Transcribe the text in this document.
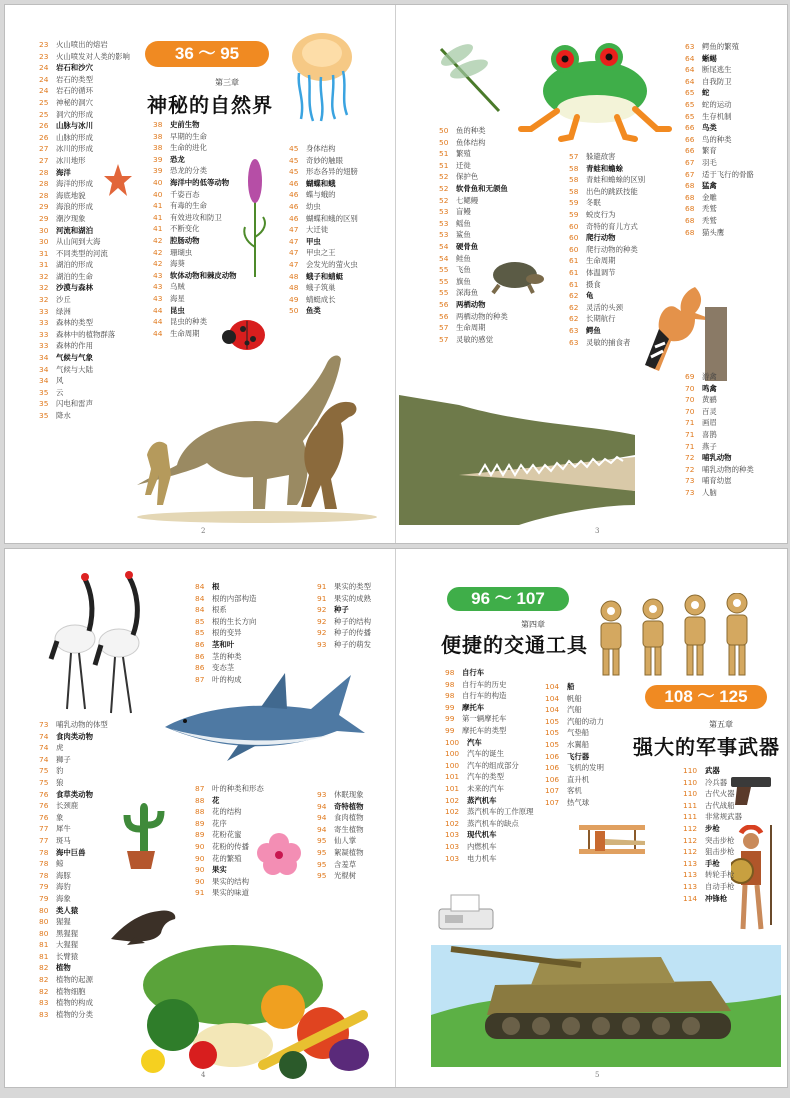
36 ～ 95
第三章
神秘的自然界
23	火山喷出的熔岩
23	火山喷发对人类的影响
24	岩石和沙穴
24	岩石的类型
24	岩石的循环
25	神秘的洞穴
25	洞穴的形成
26	山脉与冰川
26	山脉的形成
27	冰川的形成
27	冰川地形
28	海洋
28	海洋的形成
28	海底地貌
29	海浪的形成
29	潮汐现象
30	河流和湖泊
30	从山间到大海
31	不同类型的河流
31	湖泊的形成
32	湖泊的生命
32	沙漠与森林
32	沙丘
33	绿洲
33	森林的类型
33	森林中的植物群落
33	森林的作用
34	气候与气象
34	气候与大陆
34	风
35	云
35	闪电和雷声
35	降水
38	史前生物
38	早期的生命
38	生命的进化
39	恐龙
39	恐龙的分类
40	海洋中的低等动物
40	千姿百态
41	有毒的生命
41	有效进攻和防卫
41	不断变化
42	腔肠动物
42	珊瑚虫
42	海葵
43	软体动物和棘皮动物
43	乌贼
43	海星
44	昆虫
44	昆虫的种类
44	生命周期
45	身体结构
45	奇妙的触眼
45	形态各异的翅膀
46	蝴蝶和蛾
46	蝶与蛾的
46	幼虫
46	蝴蝶和蛾的区别
47	大迁徙
47	甲虫
47	甲虫之王
47	会发光的萤火虫
48	蛾子和蜻蜓
48	蛾子筑巢
49	蜻蜓成长
50	鱼类
50	鱼的种类
50	鱼体结构
51	繁殖
51	迁徙
52	保护色
52	软骨鱼和无颌鱼
52	七鳃鳗
53	盲鳗
53	鳐鱼
53	鲨鱼
54	硬骨鱼
54	鲑鱼
55	飞鱼
55	旗鱼
55	深海鱼
56	两栖动物
56	两栖动物的种类
57	生命周期
57	灵敏的感觉
57	躲避敌害
58	青蛙和蟾蜍
58	青蛙和蟾蜍的区别
58	出色的跳跃技能
59	冬眠
59	蜕皮行为
60	奇特的育儿方式
60	爬行动物
60	爬行动物的种类
61	生命周期
61	体温调节
61	摄食
62	龟
62	灵活的头颈
62	长期航行
63	鳄鱼
63	灵敏的捕食者
63	鳄鱼的繁殖
64	蜥蜴
64	断尾逃生
64	自我防卫
65	蛇
65	蛇的运动
65	生存机制
66	鸟类
66	鸟的种类
66	繁育
67	羽毛
67	适于飞行的骨骼
68	猛禽
68	金雕
68	秃鹫
68	秃鹫
68	猫头鹰
69	游禽
70	鸣禽
70	黄鹂
70	百灵
71	画眉
71	喜鹊
71	燕子
72	哺乳动物
72	哺乳动物的种类
73	哺育幼崽
73	人脑
2	3
96 ～ 107
第四章
便捷的交通工具
108 ～ 125
第五章
强大的军事武器
73	哺乳动物的体型
74	食肉类动物
74	虎
74	狮子
75	豹
75	狼
76	食草类动物
76	长颈鹿
76	象
77	犀牛
77	斑马
78	海中巨兽
78	鲸
78	海豚
79	海豹
79	海象
80	类人猿
80	猩猩
80	黑猩猩
81	大猩猩
81	长臂猿
82	植物
82	植物的起源
82	植物细胞
83	植物的构成
83	植物的分类
84	根
84	根的内部构造
84	根系
85	根的生长方向
85	根的变异
86	茎和叶
86	茎的种类
86	变态茎
87	叶的构成
91	果实的类型
91	果实的成熟
92	种子
92	种子的结构
92	种子的传播
93	种子的萌发
87	叶的种类和形态
88	花
88	花的结构
89	花序
89	花粉花蜜
90	花粉的传播
90	花的繁殖
90	果实
90	果实的结构
91	果实的味道
93	休眠现象
94	奇特植物
94	食肉植物
94	寄生植物
95	仙人掌
95	絮凝植物
95	含羞草
95	光棍树
98	自行车
98	自行车的历史
98	自行车的构造
99	摩托车
99	第一辆摩托车
99	摩托车的类型
100	汽车
100	汽车的诞生
100	汽车的组成部分
101	汽车的类型
101	未来的汽车
102	蒸汽机车
102	蒸汽机车的工作原理
102	蒸汽机车的缺点
103	现代机车
103	内燃机车
103	电力机车
104	船
104	帆船
104	汽船
105	汽船的动力
105	气垫船
105	水翼船
106	飞行器
106	飞机的发明
106	直升机
107	客机
107	热气球
110	武器
110	冷兵器
110	古代火器
111	古代战船
111	非常规武器
112	步枪
112	突击步枪
112	狙击步枪
113	手枪
113	转轮手枪
113	自动手枪
114	冲锋枪
4	5
